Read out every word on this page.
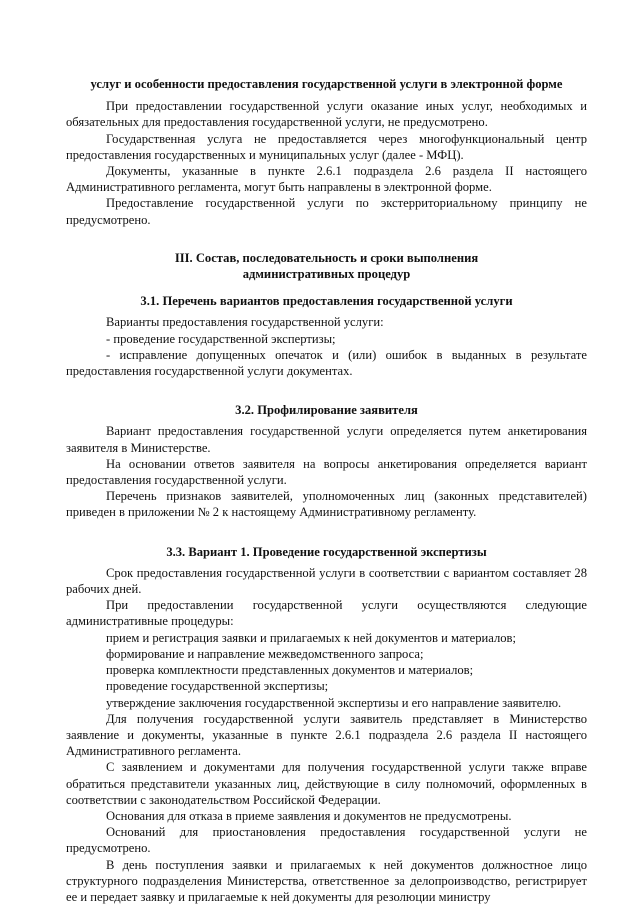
услуг и особенности предоставления государственной услуги в электронной форме

При предоставлении государственной услуги оказание иных услуг, необходимых и обязательных для предоставления государственной услуги, не предусмотрено.

Государственная услуга не предоставляется через многофункциональный центр предоставления государственных и муниципальных услуг (далее - МФЦ).

Документы, указанные в пункте 2.6.1 подраздела 2.6 раздела II настоящего Административного регламента, могут быть направлены в электронной форме.

Предоставление государственной услуги по экстерриториальному принципу не предусмотрено.

III. Состав, последовательность и сроки выполнения

административных процедур

3.1. Перечень вариантов предоставления государственной услуги

Варианты предоставления государственной услуги:

- проведение государственной экспертизы;

- исправление допущенных опечаток и (или) ошибок в выданных в результате предоставления государственной услуги документах.

3.2. Профилирование заявителя

Вариант предоставления государственной услуги определяется путем анкетирования заявителя в Министерстве.

На основании ответов заявителя на вопросы анкетирования определяется вариант предоставления государственной услуги.

Перечень признаков заявителей, уполномоченных лиц (законных представителей) приведен в приложении № 2 к настоящему Административному регламенту.

3.3. Вариант 1. Проведение государственной экспертизы

Срок предоставления государственной услуги в соответствии с вариантом составляет 28 рабочих дней.

При предоставлении государственной услуги осуществляются следующие административные процедуры:

прием и регистрация заявки и прилагаемых к ней документов и материалов;

формирование и направление межведомственного запроса;

проверка комплектности представленных документов и материалов;

проведение государственной экспертизы;

утверждение заключения государственной экспертизы и его направление заявителю.

Для получения государственной услуги заявитель представляет в Министерство заявление и документы, указанные в пункте 2.6.1 подраздела 2.6 раздела II настоящего Административного регламента.

С заявлением и документами для получения государственной услуги также вправе обратиться представители указанных лиц, действующие в силу полномочий, оформленных в соответствии с законодательством Российской Федерации.

Основания для отказа в приеме заявления и документов не предусмотрены.

Оснований для приостановления предоставления государственной услуги не предусмотрено.

В день поступления заявки и прилагаемых к ней документов должностное лицо структурного подразделения Министерства, ответственное за делопроизводство, регистрирует ее и передает заявку и прилагаемые к ней документы для резолюции министру
